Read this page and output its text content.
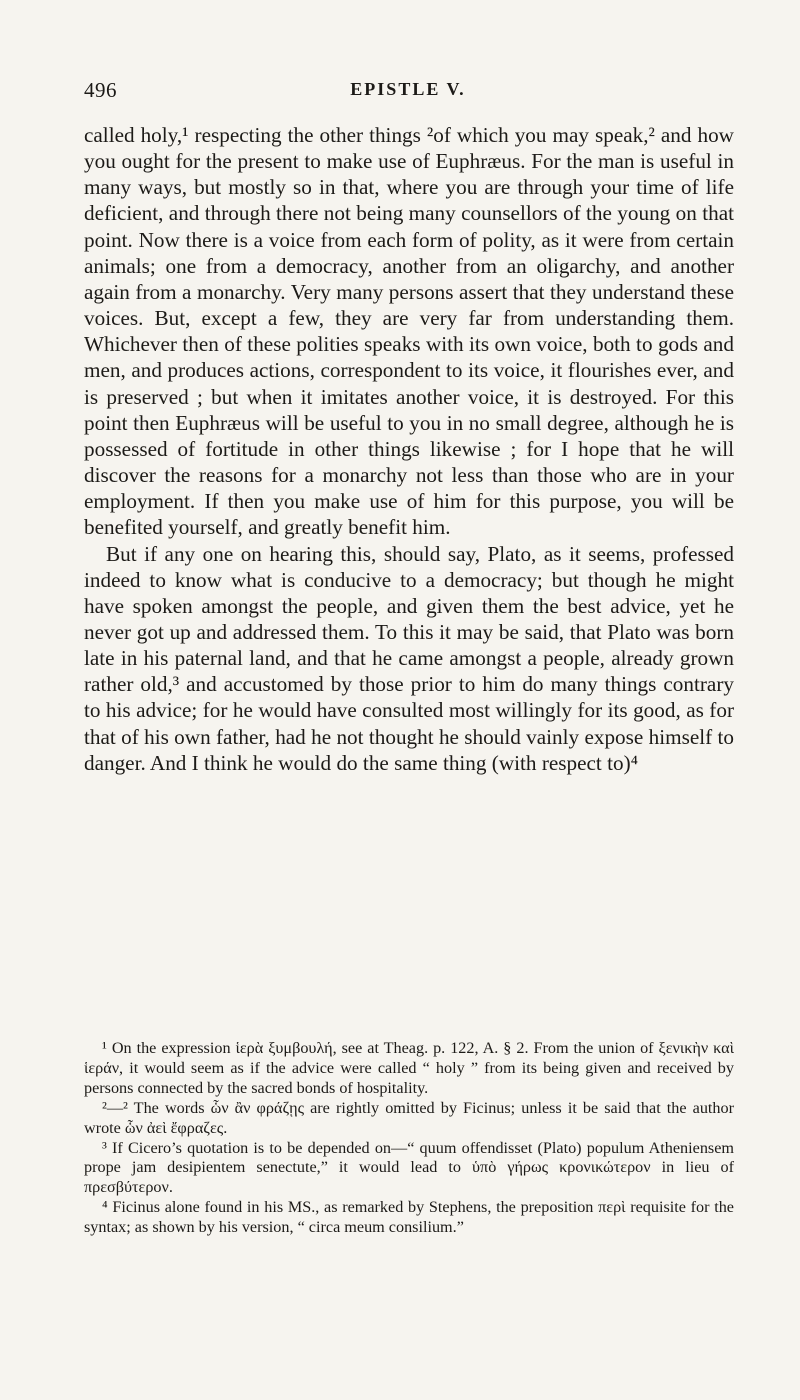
496	EPISTLE V.

called holy,¹ respecting the other things ²of which you may speak,² and how you ought for the present to make use of Euphræus. For the man is useful in many ways, but mostly so in that, where you are through your time of life deficient, and through there not being many counsellors of the young on that point. Now there is a voice from each form of polity, as it were from certain animals; one from a democracy, another from an oligarchy, and another again from a monarchy. Very many persons assert that they understand these voices. But, except a few, they are very far from understanding them. Whichever then of these polities speaks with its own voice, both to gods and men, and produces actions, correspondent to its voice, it flourishes ever, and is preserved ; but when it imitates another voice, it is destroyed. For this point then Euphræus will be useful to you in no small degree, although he is possessed of fortitude in other things likewise ; for I hope that he will discover the reasons for a monarchy not less than those who are in your employment. If then you make use of him for this purpose, you will be benefited yourself, and greatly benefit him.

But if any one on hearing this, should say, Plato, as it seems, professed indeed to know what is conducive to a democracy; but though he might have spoken amongst the people, and given them the best advice, yet he never got up and addressed them. To this it may be said, that Plato was born late in his paternal land, and that he came amongst a people, already grown rather old,³ and accustomed by those prior to him do many things contrary to his advice; for he would have consulted most willingly for its good, as for that of his own father, had he not thought he should vainly expose himself to danger. And I think he would do the same thing (with respect to)⁴

¹ On the expression ἱερὰ ξυμβουλή, see at Theag. p. 122, A. § 2. From the union of ξενικὴν καὶ ἱεράν, it would seem as if the advice were called “ holy ” from its being given and received by persons connected by the sacred bonds of hospitality.

²—² The words ὧν ἂν φράζῃς are rightly omitted by Ficinus; unless it be said that the author wrote ὧν ἀεὶ ἔφραζες.

³ If Cicero’s quotation is to be depended on—“ quum offendisset (Plato) populum Atheniensem prope jam desipientem senectute,” it would lead to ὑπὸ γήρως κρονικώτερον in lieu of πρεσβύτερον.

⁴ Ficinus alone found in his MS., as remarked by Stephens, the preposition περὶ requisite for the syntax; as shown by his version, “ circa meum consilium.”
